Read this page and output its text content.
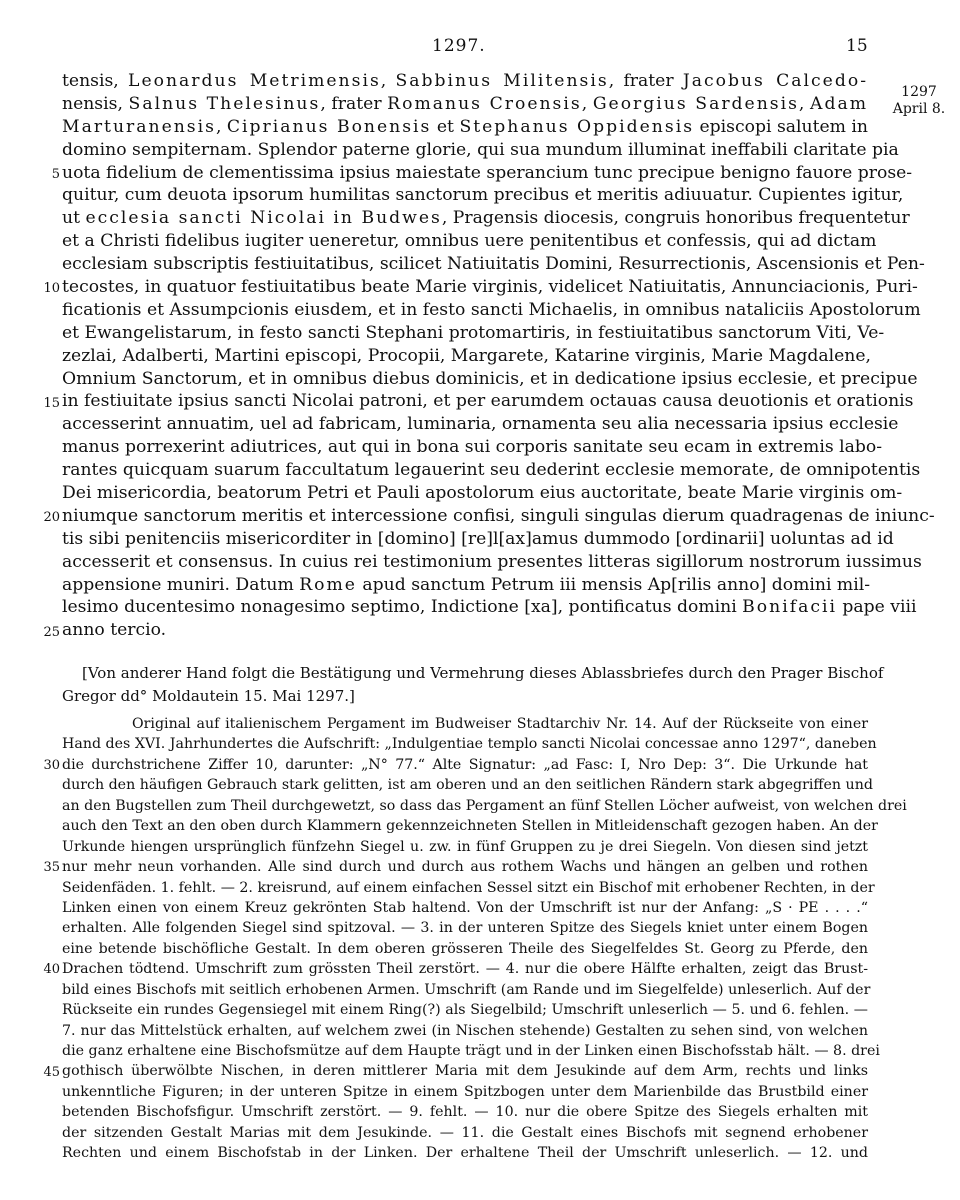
1297.	15
1297
April 8.
tensis, Leonardus Metrimensis, Sabbinus Militensis, frater Jacobus Calcedo-
nensis, Salnus Thelesinus, frater Romanus Croensis, Georgius Sardensis, Adam
Marturanensis, Ciprianus Bonensis et Stephanus Oppidensis episcopi salutem in
domino sempiternam. Splendor paterne glorie, qui sua mundum illuminat ineffabili claritate pia
uota fidelium de clementissima ipsius maiestate sperancium tunc precipue benigno fauore prose-
quitur, cum deuota ipsorum humilitas sanctorum precibus et meritis adiuuatur. Cupientes igitur,
ut ecclesia sancti Nicolai in Budwes, Pragensis diocesis, congruis honoribus frequentetur
et a Christi fidelibus iugiter ueneretur, omnibus uere penitentibus et confessis, qui ad dictam
ecclesiam subscriptis festiuitatibus, scilicet Natiuitatis Domini, Resurrectionis, Ascensionis et Pen-
tecostes, in quatuor festiuitatibus beate Marie virginis, videlicet Natiuitatis, Annunciacionis, Puri-
ficationis et Assumpcionis eiusdem, et in festo sancti Michaelis, in omnibus nataliciis Apostolorum
et Ewangelistarum, in festo sancti Stephani protomartiris, in festiuitatibus sanctorum Viti, Ve-
zezlai, Adalberti, Martini episcopi, Procopii, Margarete, Katarine virginis, Marie Magdalene,
Omnium Sanctorum, et in omnibus diebus dominicis, et in dedicatione ipsius ecclesie, et precipue
in festiuitate ipsius sancti Nicolai patroni, et per earumdem octauas causa deuotionis et orationis
accesserint annuatim, uel ad fabricam, luminaria, ornamenta seu alia necessaria ipsius ecclesie
manus porrexerint adiutrices, aut qui in bona sui corporis sanitate seu ecam in extremis labo-
rantes quicquam suarum faccultatum legauerint seu dederint ecclesie memorate, de omnipotentis
Dei misericordia, beatorum Petri et Pauli apostolorum eius auctoritate, beate Marie virginis om-
niumque sanctorum meritis et intercessione confisi, singuli singulas dierum quadragenas de iniunc-
tis sibi penitenciis misericorditer in [domino] [re]l[ax]amus dummodo [ordinarii] uoluntas ad id
accesserit et consensus. In cuius rei testimonium presentes litteras sigillorum nostrorum iussimus
appensione muniri. Datum Rome apud sanctum Petrum iii mensis Ap[rilis anno] domini mil-
lesimo ducentesimo nonagesimo septimo, Indictione [xa], pontificatus domini Bonifacii pape viii
anno tercio.
5
10
15
20
25
[Von anderer Hand folgt die Bestätigung und Vermehrung dieses Ablassbriefes durch den Prager Bischof
Gregor dd° Moldautein 15. Mai 1297.]
Original auf italienischem Pergament im Budweiser Stadtarchiv Nr. 14. Auf der Rückseite von einer
Hand des XVI. Jahrhundertes die Aufschrift: „Indulgentiae templo sancti Nicolai concessae anno 1297“, daneben
die durchstrichene Ziffer 10, darunter: „N° 77.“ Alte Signatur: „ad Fasc: I, Nro Dep: 3“. Die Urkunde hat
durch den häufigen Gebrauch stark gelitten, ist am oberen und an den seitlichen Rändern stark abgegriffen und
an den Bugstellen zum Theil durchgewetzt, so dass das Pergament an fünf Stellen Löcher aufweist, von welchen drei
auch den Text an den oben durch Klammern gekennzeichneten Stellen in Mitleidenschaft gezogen haben. An der
Urkunde hiengen ursprünglich fünfzehn Siegel u. zw. in fünf Gruppen zu je drei Siegeln. Von diesen sind jetzt
nur mehr neun vorhanden. Alle sind durch und durch aus rothem Wachs und hängen an gelben und rothen
Seidenfäden. 1. fehlt. — 2. kreisrund, auf einem einfachen Sessel sitzt ein Bischof mit erhobener Rechten, in der
Linken einen von einem Kreuz gekrönten Stab haltend. Von der Umschrift ist nur der Anfang: „S · PE . . . .“
erhalten. Alle folgenden Siegel sind spitzoval. — 3. in der unteren Spitze des Siegels kniet unter einem Bogen
eine betende bischöfliche Gestalt. In dem oberen grösseren Theile des Siegelfeldes St. Georg zu Pferde, den
Drachen tödtend. Umschrift zum grössten Theil zerstört. — 4. nur die obere Hälfte erhalten, zeigt das Brust-
bild eines Bischofs mit seitlich erhobenen Armen. Umschrift (am Rande und im Siegelfelde) unleserlich. Auf der
Rückseite ein rundes Gegensiegel mit einem Ring(?) als Siegelbild; Umschrift unleserlich — 5. und 6. fehlen. —
7. nur das Mittelstück erhalten, auf welchem zwei (in Nischen stehende) Gestalten zu sehen sind, von welchen
die ganz erhaltene eine Bischofsmütze auf dem Haupte trägt und in der Linken einen Bischofsstab hält. — 8. drei
gothisch überwölbte Nischen, in deren mittlerer Maria mit dem Jesukinde auf dem Arm, rechts und links
unkenntliche Figuren; in der unteren Spitze in einem Spitzbogen unter dem Marienbilde das Brustbild einer
betenden Bischofsfigur. Umschrift zerstört. — 9. fehlt. — 10. nur die obere Spitze des Siegels erhalten mit
der sitzenden Gestalt Marias mit dem Jesukinde. — 11. die Gestalt eines Bischofs mit segnend erhobener
Rechten und einem Bischofstab in der Linken. Der erhaltene Theil der Umschrift unleserlich. — 12. und
30
35
40
45
